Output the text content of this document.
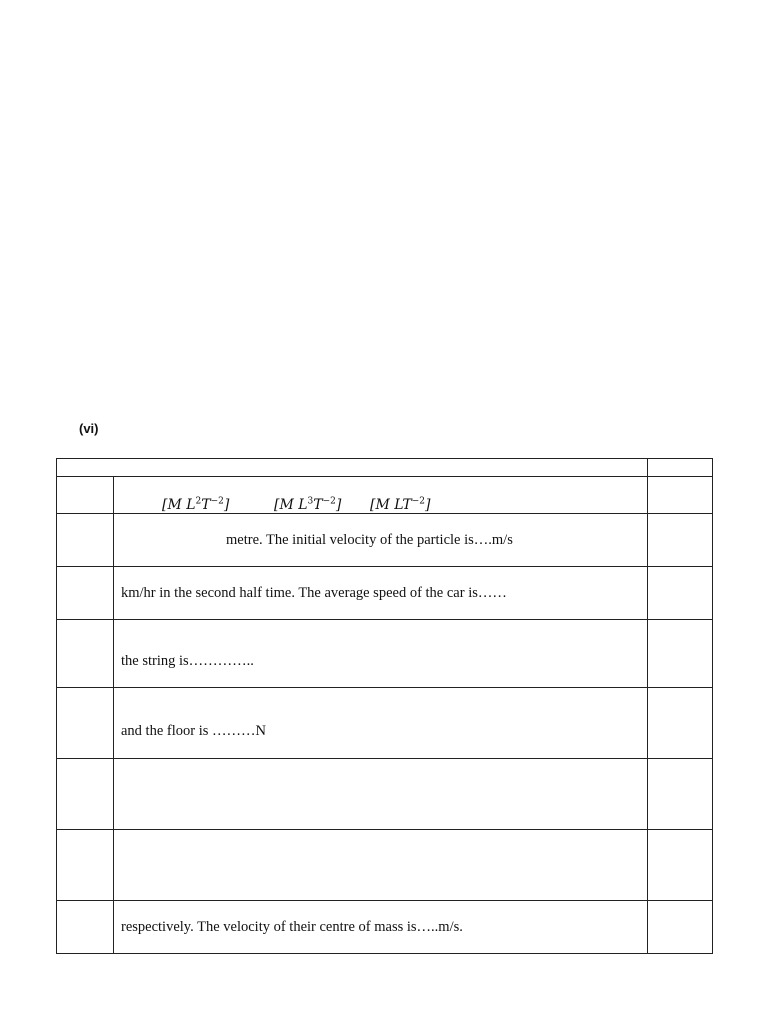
(vi)

	[M $L^2T^{-2}$] [M $L^3T^{-2}$] [M $LT^{-2}$]	

	metre. The initial velocity of the particle is….m/s	
	km/hr in the second half time. The average speed of the car is……	
	the string is…………..	
	and the floor is ………N	

	respectively. The velocity of their centre of mass is…..m/s.	
